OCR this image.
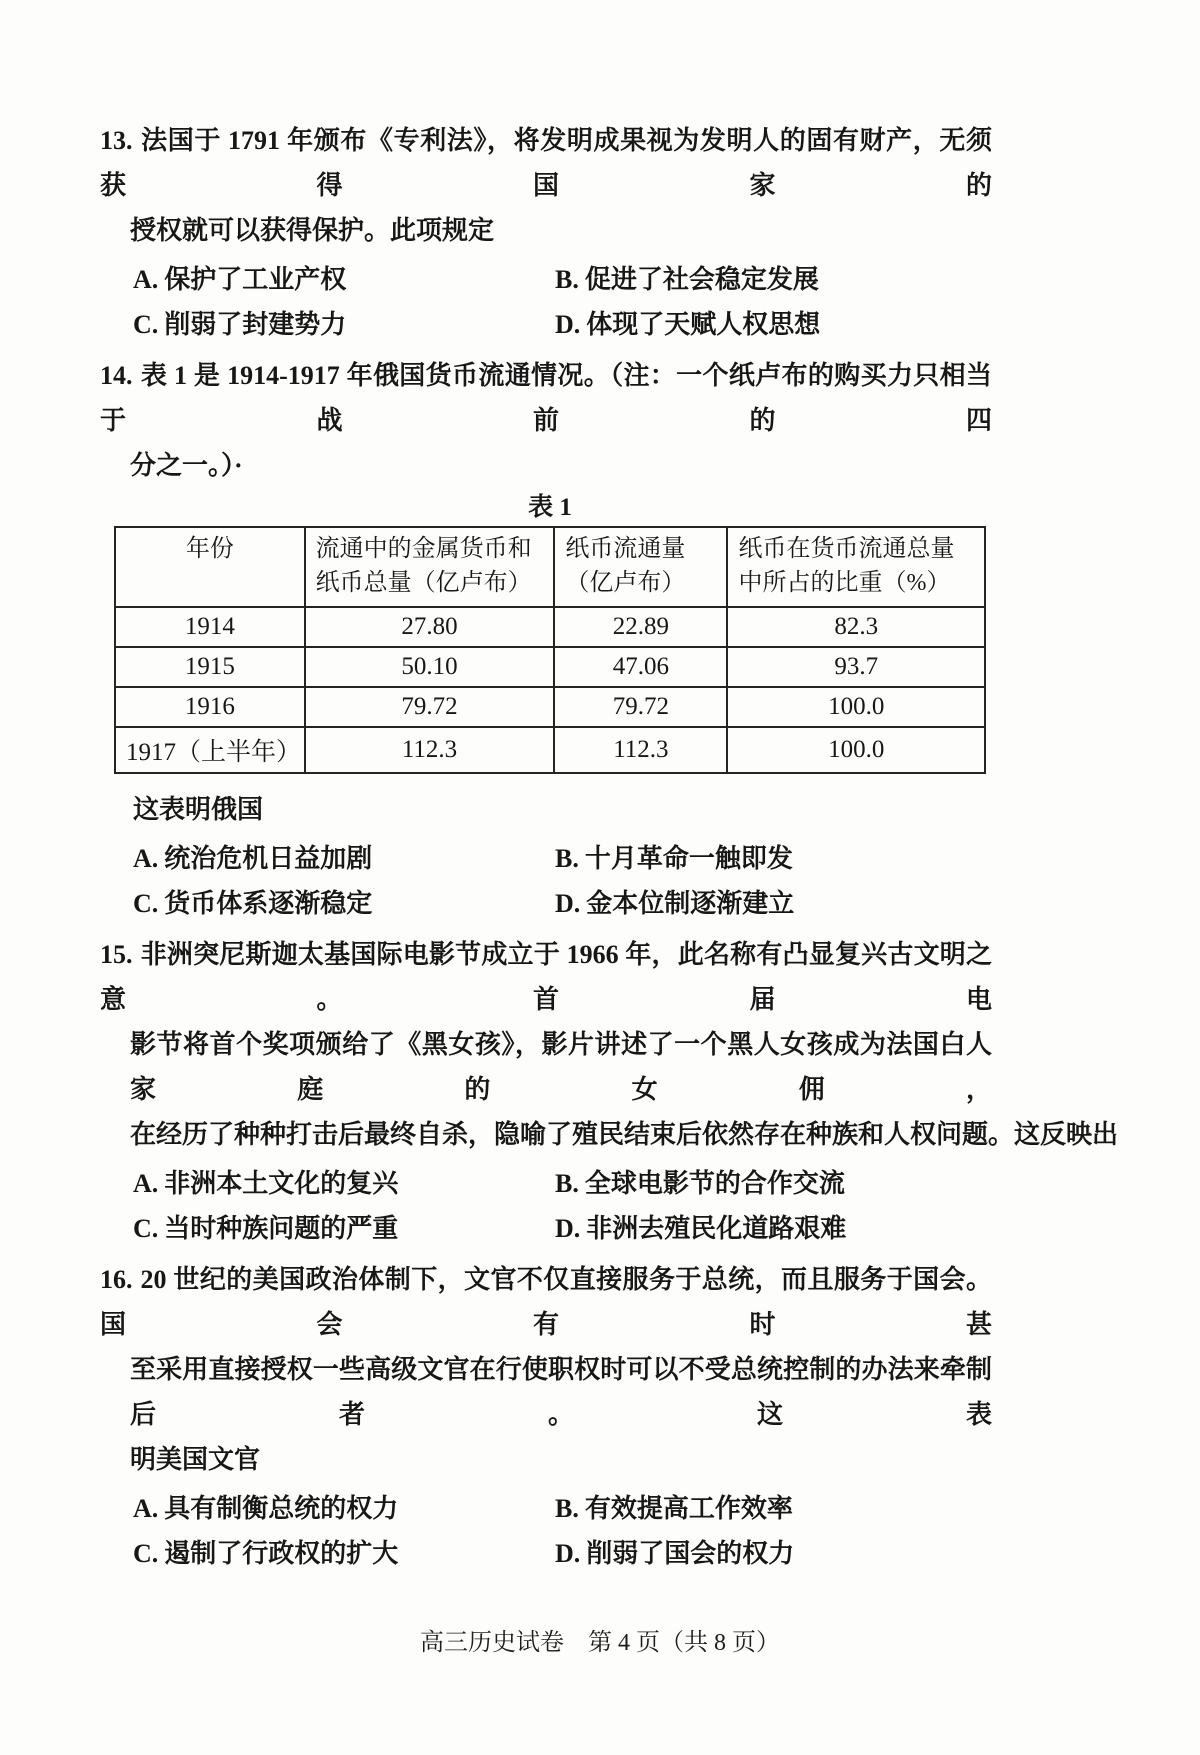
13. 法国于 1791 年颁布《专利法》，将发明成果视为发明人的固有财产，无须获得国家的
授权就可以获得保护。此项规定
A. 保护了工业产权	B. 促进了社会稳定发展
C. 削弱了封建势力	D. 体现了天赋人权思想
14. 表 1 是 1914-1917 年俄国货币流通情况。（注：一个纸卢布的购买力只相当于战前的四
分之一。）·
表 1
年份	流通中的金属货币和纸币总量（亿卢布）	纸币流通量（亿卢布）	纸币在货币流通总量中所占的比重（%）
1914	27.80	22.89	82.3
1915	50.10	47.06	93.7
1916	79.72	79.72	100.0
1917（上半年）	112.3	112.3	100.0
这表明俄国
A. 统治危机日益加剧	B. 十月革命一触即发
C. 货币体系逐渐稳定	D. 金本位制逐渐建立
15. 非洲突尼斯迦太基国际电影节成立于 1966 年，此名称有凸显复兴古文明之意。首届电
影节将首个奖项颁给了《黑女孩》，影片讲述了一个黑人女孩成为法国白人家庭的女佣，
在经历了种种打击后最终自杀，隐喻了殖民结束后依然存在种族和人权问题。这反映出
A. 非洲本土文化的复兴	B. 全球电影节的合作交流
C. 当时种族问题的严重	D. 非洲去殖民化道路艰难
16. 20 世纪的美国政治体制下，文官不仅直接服务于总统，而且服务于国会。国会有时甚
至采用直接授权一些高级文官在行使职权时可以不受总统控制的办法来牵制后者。这表
明美国文官
A. 具有制衡总统的权力	B. 有效提高工作效率
C. 遏制了行政权的扩大	D. 削弱了国会的权力
高三历史试卷　第 4 页（共 8 页）
